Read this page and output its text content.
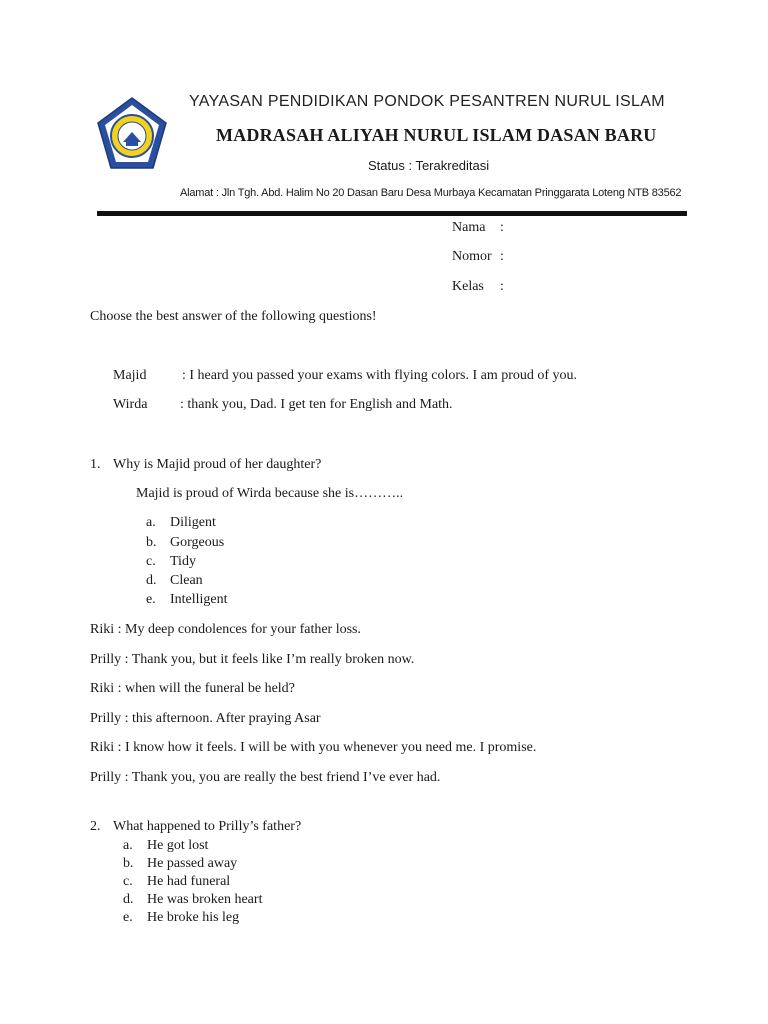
YAYASAN PENDIDIKAN PONDOK PESANTREN NURUL ISLAM
MADRASAH ALIYAH NURUL ISLAM DASAN BARU
Status : Terakreditasi
Alamat : Jln Tgh. Abd. Halim No 20 Dasan Baru Desa Murbaya Kecamatan Pringgarata Loteng NTB 83562
Nama :
Nomor :
Kelas :
Choose the best answer of the following questions!
Majid	: I heard you passed your exams with flying colors. I am proud of you.
Wirda : thank you, Dad. I get ten for English and Math.
1. Why is Majid proud of her daughter?
Majid is proud of Wirda because she is………..
a. Diligent
b. Gorgeous
c. Tidy
d. Clean
e. Intelligent
Riki : My deep condolences for your father loss.
Prilly : Thank you, but it feels like I’m really broken now.
Riki : when will the funeral be held?
Prilly : this afternoon. After praying Asar
Riki : I know how it feels. I will be with you whenever you need me. I promise.
Prilly : Thank you, you are really the best friend I’ve ever had.
2. What happened to Prilly’s father?
a. He got lost
b. He passed away
c. He had funeral
d. He was broken heart
e. He broke his leg
